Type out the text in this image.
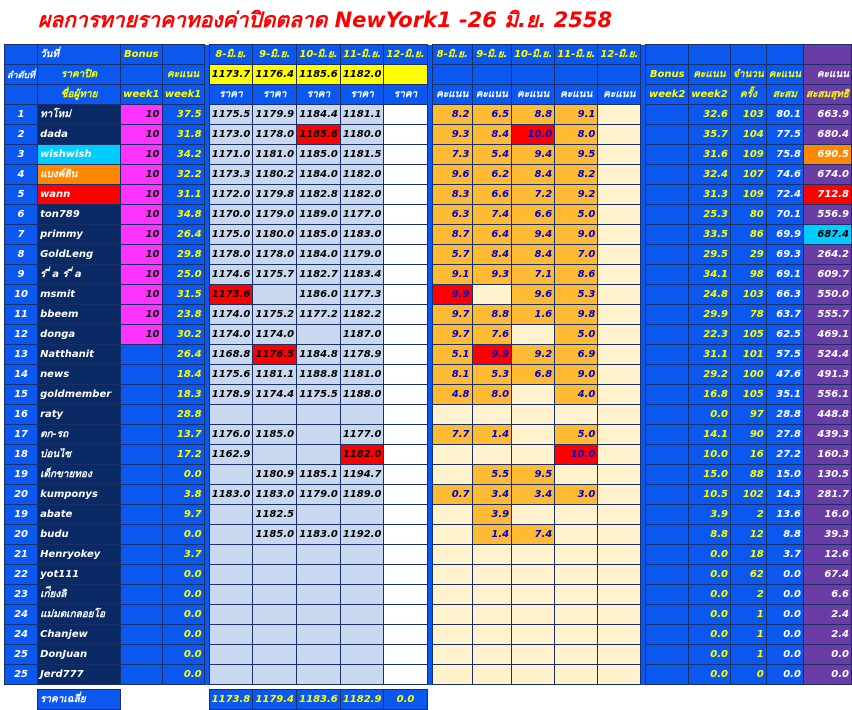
ผลการทายราคาทองค่าปิดตลาด NewYork1 -26 มิ.ย. 2558
	วันที่	Bonus			8-มิ.ย.	9-มิ.ย.	10-มิ.ย.	11-มิ.ย.	12-มิ.ย.		8-มิ.ย.	9-มิ.ย.	10-มิ.ย.	11-มิ.ย.	12-มิ.ย.						
ลำดับที่	ราคาปิด		คะแนน		1173.7	1176.4	1185.6	1182.0									Bonus	คะแนน	จำนวน	คะแนน	คะแนน
	ชื่อผู้ทาย	week1	week1		ราคา	ราคา	ราคา	ราคา	ราคา		คะแนน	คะแนน	คะแนน	คะแนน	คะแนน		week2	week2	ครั้ง	สะสม	สะสมสุทธิ
1	ทาโหม่	10	37.5		1175.5	1179.9	1184.4	1181.1			8.2	6.5	8.8	9.1				32.6	103	80.1	663.9
2	dada	10	31.8		1173.0	1178.0	1185.6	1180.0			9.3	8.4	10.0	8.0				35.7	104	77.5	680.4
3	wishwish	10	34.2		1171.0	1181.0	1185.0	1181.5			7.3	5.4	9.4	9.5				31.6	109	75.8	690.5
4	แบงค์ลิน	10	32.2		1173.3	1180.2	1184.0	1182.0			9.6	6.2	8.4	8.2				32.4	107	74.6	674.0
5	wann	10	31.1		1172.0	1179.8	1182.8	1182.0			8.3	6.6	7.2	9.2				31.3	109	72.4	712.8
6	ton789	10	34.8		1170.0	1179.0	1189.0	1177.0			6.3	7.4	6.6	5.0				25.3	80	70.1	556.9
7	primmy	10	26.4		1175.0	1180.0	1185.0	1183.0			8.7	6.4	9.4	9.0				33.5	86	69.9	687.4
8	GoldLeng	10	29.8		1178.0	1178.0	1184.0	1179.0			5.7	8.4	8.4	7.0				29.5	29	69.3	264.2
9	ร ี่ a ร ี่ a	10	25.0		1174.6	1175.7	1182.7	1183.4			9.1	9.3	7.1	8.6				34.1	98	69.1	609.7
10	msmit	10	31.5		1173.6		1186.0	1177.3			9.9		9.6	5.3				24.8	103	66.3	550.0
11	bbeem	10	23.8		1174.0	1175.2	1177.2	1182.2			9.7	8.8	1.6	9.8				29.9	78	63.7	555.7
12	donga	10	30.2		1174.0	1174.0		1187.0			9.7	7.6		5.0				22.3	105	62.5	469.1
13	Natthanit		26.4		1168.8	1176.5	1184.8	1178.9			5.1	9.9	9.2	6.9				31.1	101	57.5	524.4
14	news		18.4		1175.6	1181.1	1188.8	1181.0			8.1	5.3	6.8	9.0				29.2	100	47.6	491.3
15	goldmember		18.3		1178.9	1174.4	1175.5	1188.0			4.8	8.0		4.0				16.8	105	35.1	556.1
16	raty		28.8															0.0	97	28.8	448.8
17	ตก-รถ		13.7		1176.0	1185.0		1177.0			7.7	1.4		5.0				14.1	90	27.8	439.3
18	บ่อนไซ		17.2		1162.9			1182.0						10.0				10.0	16	27.2	160.3
19	เด็กขายทอง		0.0			1180.9	1185.1	1194.7				5.5	9.5					15.0	88	15.0	130.5
20	kumponys		3.8		1183.0	1183.0	1179.0	1189.0			0.7	3.4	3.4	3.0				10.5	102	14.3	281.7
19	abate		9.7			1182.5						3.9						3.9	2	13.6	16.0
20	budu		0.0			1185.0	1183.0	1192.0				1.4	7.4					8.8	12	8.8	39.3
21	Henryokey		3.7															0.0	18	3.7	12.6
22	yot111		0.0															0.0	62	0.0	67.4
23	เก่ียงลิ		0.0															0.0	2	0.0	6.6
24	แม่มดเกลอยโอ		0.0															0.0	1	0.0	2.4
24	Chanjew		0.0															0.0	1	0.0	2.4
25	DonJuan		0.0															0.0	1	0.0	0.0
25	Jerd777		0.0															0.0	0	0.0	0.0

	ราคาเฉลี่ย				1173.8	1179.4	1183.6	1182.9	0.0												
